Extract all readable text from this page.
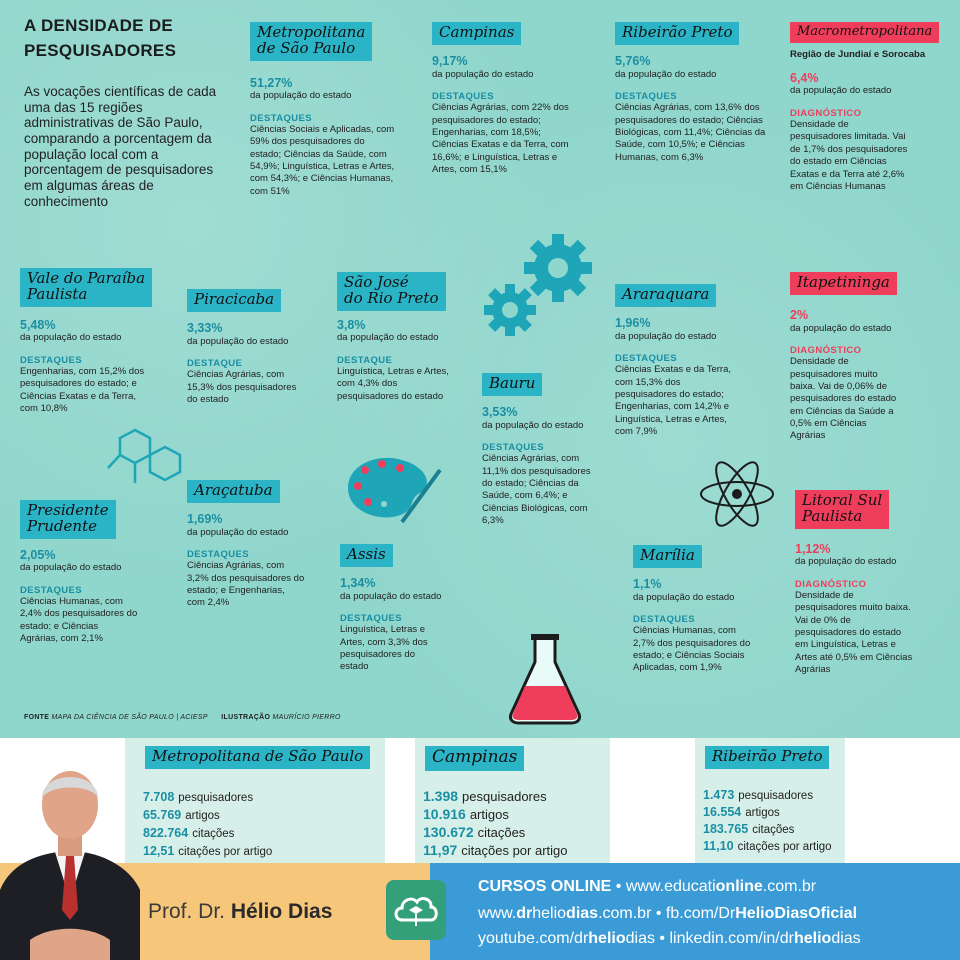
A DENSIDADE DE
PESQUISADORES
As vocações científicas de cada uma das 15 regiões administrativas de São Paulo, comparando a porcentagem da população local com a porcentagem de pesquisadores em algumas áreas de conhecimento
Metropolitana
de São Paulo
51,27%
da população do estado
DESTAQUES
Ciências Sociais e Aplicadas, com 59% dos pesquisadores do estado; Ciências da Saúde, com 54,9%; Linguística, Letras e Artes, com 54,3%; e Ciências Humanas, com 51%
Campinas
9,17%
da população do estado
DESTAQUES
Ciências Agrárias, com 22% dos pesquisadores do estado; Engenharias, com 18,5%; Ciências Exatas e da Terra, com 16,6%; e Linguística, Letras e Artes, com 15,1%
Ribeirão Preto
5,76%
da população do estado
DESTAQUES
Ciências Agrárias, com 13,6% dos pesquisadores do estado; Ciências Biológicas, com 11,4%; Ciências da Saúde, com 10,5%; e Ciências Humanas, com 6,3%
Macrometropolitana
Região de Jundiaí e Sorocaba
6,4%
da população do estado
DIAGNÓSTICO
Densidade de pesquisadores limitada. Vai de 1,7% dos pesquisadores do estado em Ciências Exatas e da Terra até 2,6% em Ciências Humanas
Vale do Paraíba
Paulista
5,48%
da população do estado
DESTAQUES
Engenharias, com 15,2% dos pesquisadores do estado; e Ciências Exatas e da Terra, com 10,8%
Piracicaba
3,33%
da população do estado
DESTAQUE
Ciências Agrárias, com 15,3% dos pesquisadores do estado
São José
do Rio Preto
3,8%
da população do estado
DESTAQUE
Linguística, Letras e Artes, com 4,3% dos pesquisadores do estado
Bauru
3,53%
da população do estado
DESTAQUES
Ciências Agrárias, com 11,1% dos pesquisadores do estado; Ciências da Saúde, com 6,4%; e Ciências Biológicas, com 6,3%
Araraquara
1,96%
da população do estado
DESTAQUES
Ciências Exatas e da Terra, com 15,3% dos pesquisadores do estado; Engenharias, com 14,2% e Linguística, Letras e Artes, com 7,9%
Itapetininga
2%
da população do estado
DIAGNÓSTICO
Densidade de pesquisadores muito baixa. Vai de 0,06% de pesquisadores do estado em Ciências da Saúde a 0,5% em Ciências Agrárias
Presidente
Prudente
2,05%
da população do estado
DESTAQUES
Ciências Humanas, com 2,4% dos pesquisadores do estado; e Ciências Agrárias, com 2,1%
Araçatuba
1,69%
da população do estado
DESTAQUES
Ciências Agrárias, com 3,2% dos pesquisadores do estado; e Engenharias, com 2,4%
Assis
1,34%
da população do estado
DESTAQUES
Linguística, Letras e Artes, com 3,3% dos pesquisadores do estado
Marília
1,1%
da população do estado
DESTAQUES
Ciências Humanas, com 2,7% dos pesquisadores do estado; e Ciências Sociais Aplicadas, com 1,9%
Litoral Sul
Paulista
1,12%
da população do estado
DIAGNÓSTICO
Densidade de pesquisadores muito baixa. Vai de 0% de pesquisadores do estado em Linguística, Letras e Artes até 0,5% em Ciências Agrárias
FONTE MAPA DA CIÊNCIA DE SÃO PAULO | ACIESP ILUSTRAÇÃO MAURÍCIO PIERRO
Metropolitana de São Paulo
7.708 pesquisadores
65.769 artigos
822.764 citações
12,51 citações por artigo
Campinas
1.398 pesquisadores
10.916 artigos
130.672 citações
11,97 citações por artigo
Ribeirão Preto
1.473 pesquisadores
16.554 artigos
183.765 citações
11,10 citações por artigo
Prof. Dr. Hélio Dias
CURSOS ONLINE • www.educationline.com.br
www.drheliodias.com.br • fb.com/DrHelioDiasOficial
youtube.com/drheliodias • linkedin.com/in/drheliodias
